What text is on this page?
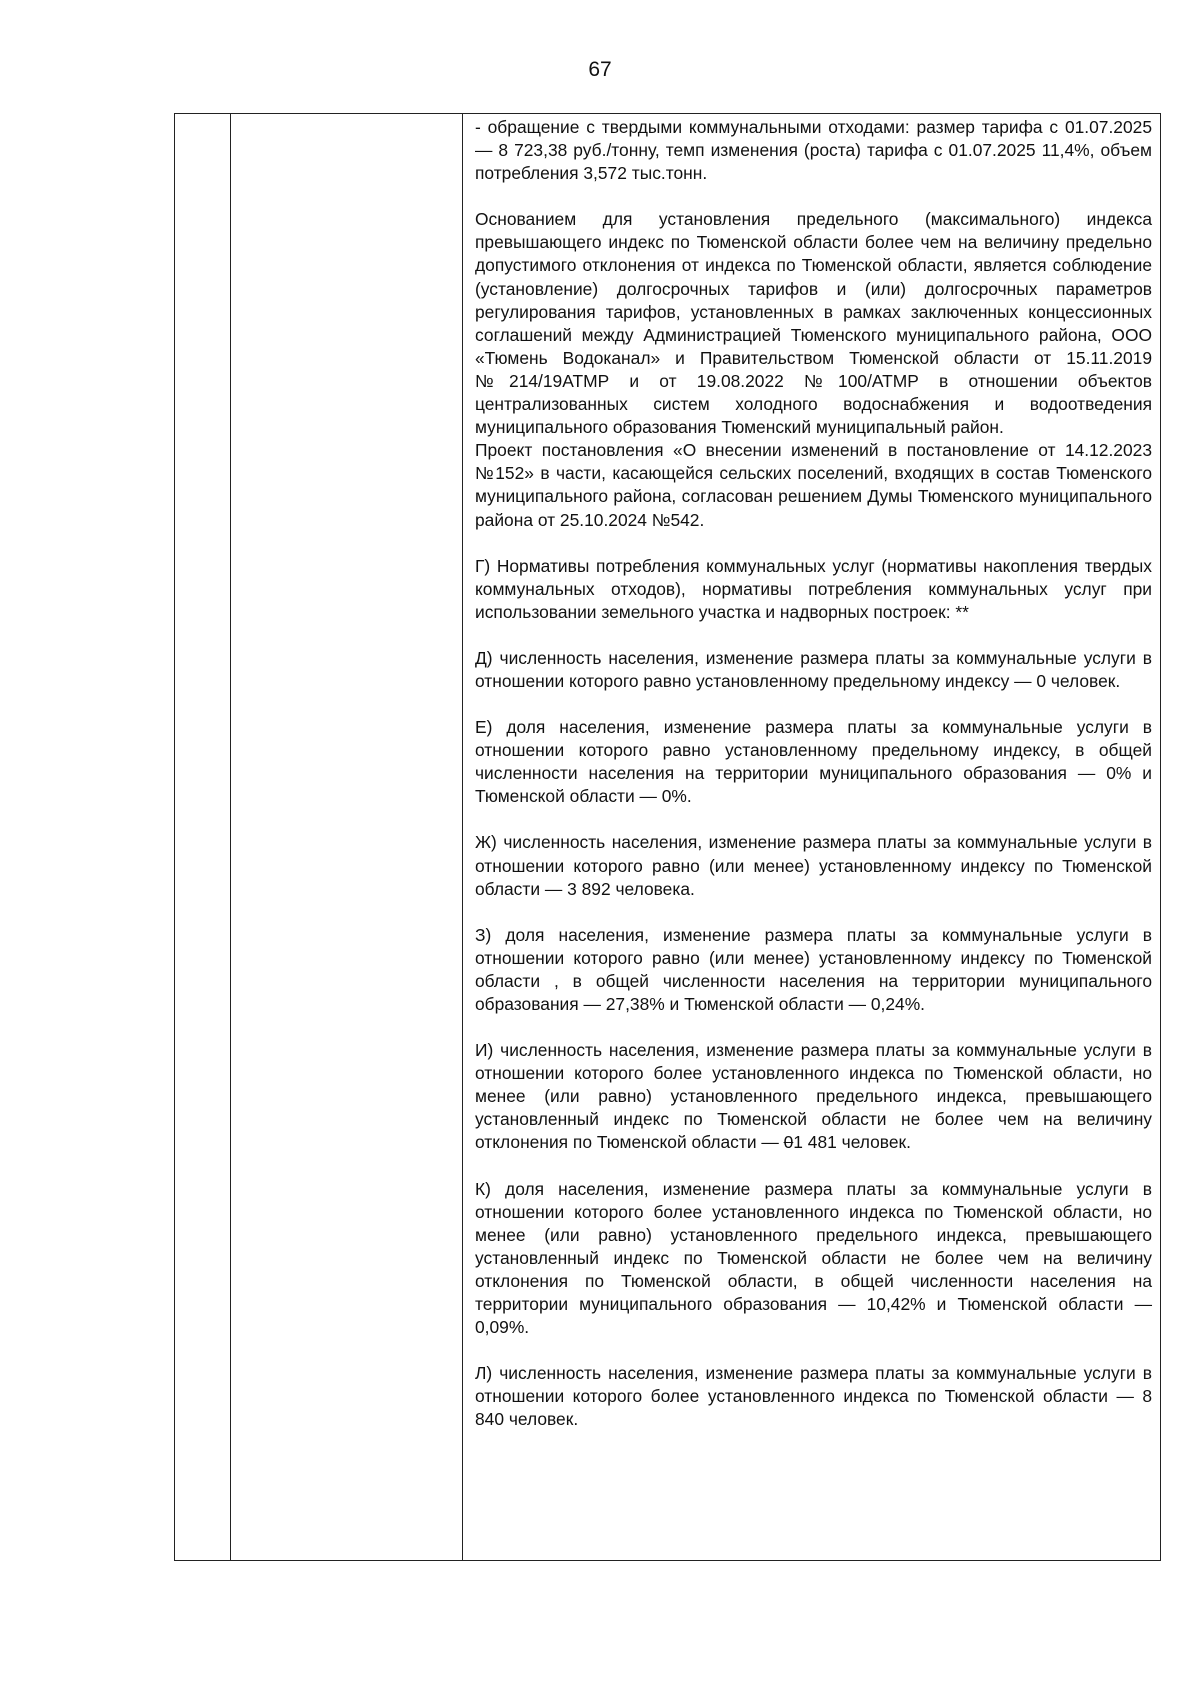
67

- обращение с твердыми коммунальными отходами: размер тарифа с 01.07.2025 — 8 723,38 руб./тонну, темп изменения (роста) тарифа с 01.07.2025 11,4%, объем потребления 3,572 тыс.тонн.

Основанием для установления предельного (максимального) индекса превышающего индекс по Тюменской области более чем на величину предельно допустимого отклонения от индекса по Тюменской области, является соблюдение (установление) долгосрочных тарифов и (или) долгосрочных параметров регулирования тарифов, установленных в рамках заключенных концессионных соглашений между Администрацией Тюменского муниципального района, ООО «Тюмень Водоканал» и Правительством Тюменской области от 15.11.2019 №214/19АТМР и от 19.08.2022 №100/АТМР в отношении объектов централизованных систем холодного водоснабжения и водоотведения муниципального образования Тюменский муниципальный район.

Проект постановления «О внесении изменений в постановление от 14.12.2023 №152» в части, касающейся сельских поселений, входящих в состав Тюменского муниципального района, согласован решением Думы Тюменского муниципального района от 25.10.2024 №542.

Г) Нормативы потребления коммунальных услуг (нормативы накопления твердых коммунальных отходов), нормативы потребления коммунальных услуг при использовании земельного участка и надворных построек: **

Д) численность населения, изменение размера платы за коммунальные услуги в отношении которого равно установленному предельному индексу — 0 человек.

Е) доля населения, изменение размера платы за коммунальные услуги в отношении которого равно установленному предельному индексу, в общей численности населения на территории муниципального образования — 0% и Тюменской области — 0%.

Ж) численность населения, изменение размера платы за коммунальные услуги в отношении которого равно (или менее) установленному индексу по Тюменской области — 3 892 человека.

З) доля населения, изменение размера платы за коммунальные услуги в отношении которого равно (или менее) установленному индексу по Тюменской области , в общей численности населения на территории муниципального образования — 27,38% и Тюменской области — 0,24%.

И) численность населения, изменение размера платы за коммунальные услуги в отношении которого более установленного индекса по Тюменской области, но менее (или равно) установленного предельного индекса, превышающего установленный индекс по Тюменской области не более чем на величину отклонения по Тюменской области — 01 481 человек.

К) доля населения, изменение размера платы за коммунальные услуги в отношении которого более установленного индекса по Тюменской области, но менее (или равно) установленного предельного индекса, превышающего установленный индекс по Тюменской области не более чем на величину отклонения по Тюменской области, в общей численности населения на территории муниципального образования — 10,42% и Тюменской области — 0,09%.

Л) численность населения, изменение размера платы за коммунальные услуги в отношении которого более установленного индекса по Тюменской области — 8 840 человек.
